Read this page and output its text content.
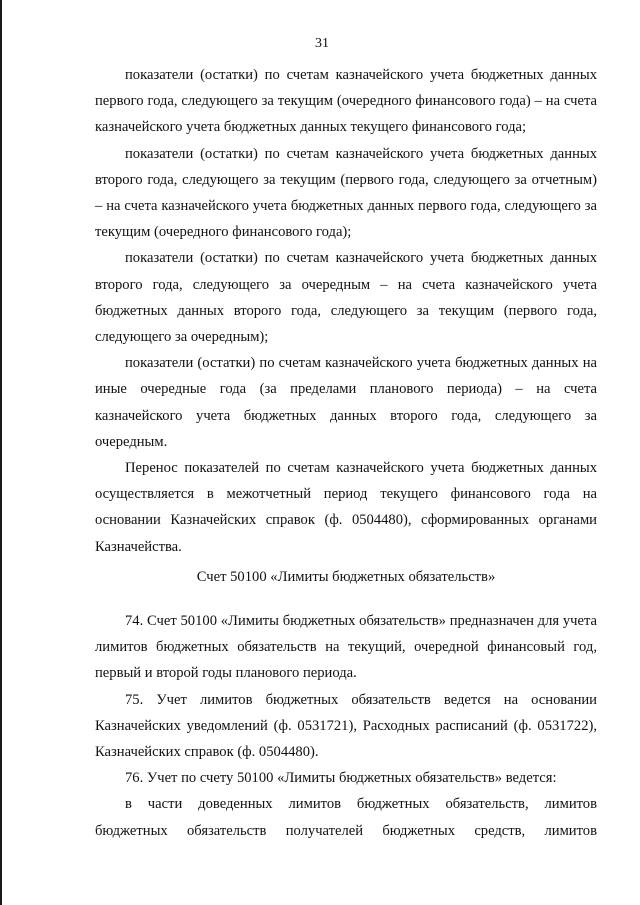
31

показатели (остатки) по счетам казначейского учета бюджетных данных первого года, следующего за текущим (очередного финансового года) – на счета казначейского учета бюджетных данных текущего финансового года;

показатели (остатки) по счетам казначейского учета бюджетных данных второго года, следующего за текущим (первого года, следующего за отчетным) – на счета казначейского учета бюджетных данных первого года, следующего за текущим (очередного финансового года);

показатели (остатки) по счетам казначейского учета бюджетных данных второго года, следующего за очередным – на счета казначейского учета бюджетных данных второго года, следующего за текущим (первого года, следующего за очередным);

показатели (остатки) по счетам казначейского учета бюджетных данных на иные очередные года (за пределами планового периода) – на счета казначейского учета бюджетных данных второго года, следующего за очередным.

Перенос показателей по счетам казначейского учета бюджетных данных осуществляется в межотчетный период текущего финансового года на основании Казначейских справок (ф. 0504480), сформированных органами Казначейства.

Счет 50100 «Лимиты бюджетных обязательств»

74. Счет 50100 «Лимиты бюджетных обязательств» предназначен для учета лимитов бюджетных обязательств на текущий, очередной финансовый год, первый и второй годы планового периода.

75. Учет лимитов бюджетных обязательств ведется на основании Казначейских уведомлений (ф. 0531721), Расходных расписаний (ф. 0531722), Казначейских справок (ф. 0504480).

76. Учет по счету 50100 «Лимиты бюджетных обязательств» ведется:

в части доведенных лимитов бюджетных обязательств, лимитов бюджетных обязательств получателей бюджетных средств, лимитов
